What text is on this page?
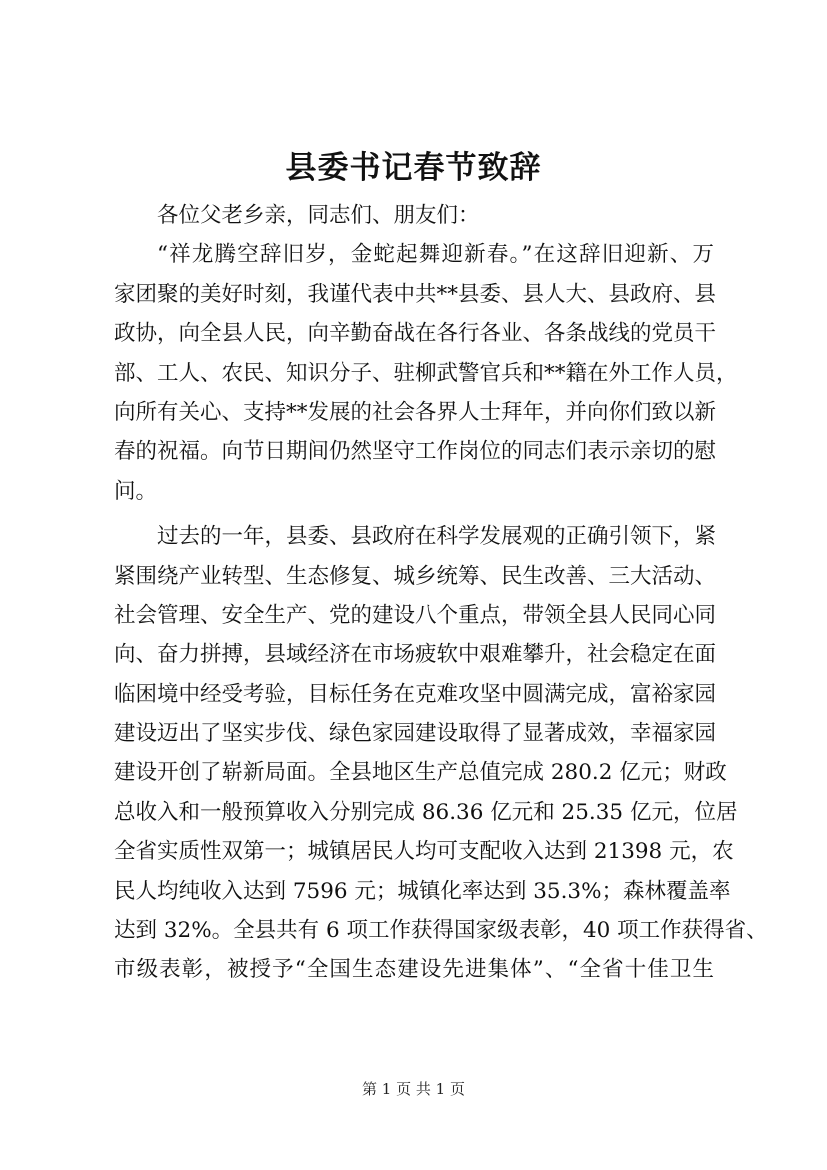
县委书记春节致辞
各位父老乡亲，同志们、朋友们：
“祥龙腾空辞旧岁，金蛇起舞迎新春。”在这辞旧迎新、万
家团聚的美好时刻，我谨代表中共**县委、县人大、县政府、县
政协，向全县人民，向辛勤奋战在各行各业、各条战线的党员干
部、工人、农民、知识分子、驻柳武警官兵和**籍在外工作人员，
向所有关心、支持**发展的社会各界人士拜年，并向你们致以新
春的祝福。向节日期间仍然坚守工作岗位的同志们表示亲切的慰
问。
过去的一年，县委、县政府在科学发展观的正确引领下，紧
紧围绕产业转型、生态修复、城乡统筹、民生改善、三大活动、
社会管理、安全生产、党的建设八个重点，带领全县人民同心同
向、奋力拼搏，县域经济在市场疲软中艰难攀升，社会稳定在面
临困境中经受考验，目标任务在克难攻坚中圆满完成，富裕家园
建设迈出了坚实步伐、绿色家园建设取得了显著成效，幸福家园
建设开创了崭新局面。全县地区生产总值完成 280.2 亿元；财政
总收入和一般预算收入分别完成 86.36 亿元和 25.35 亿元，位居
全省实质性双第一；城镇居民人均可支配收入达到 21398 元，农
民人均纯收入达到 7596 元；城镇化率达到 35.3%；森林覆盖率
达到 32%。全县共有 6 项工作获得国家级表彰，40 项工作获得省、
市级表彰，被授予“全国生态建设先进集体”、“全省十佳卫生
第 1 页 共 1 页
